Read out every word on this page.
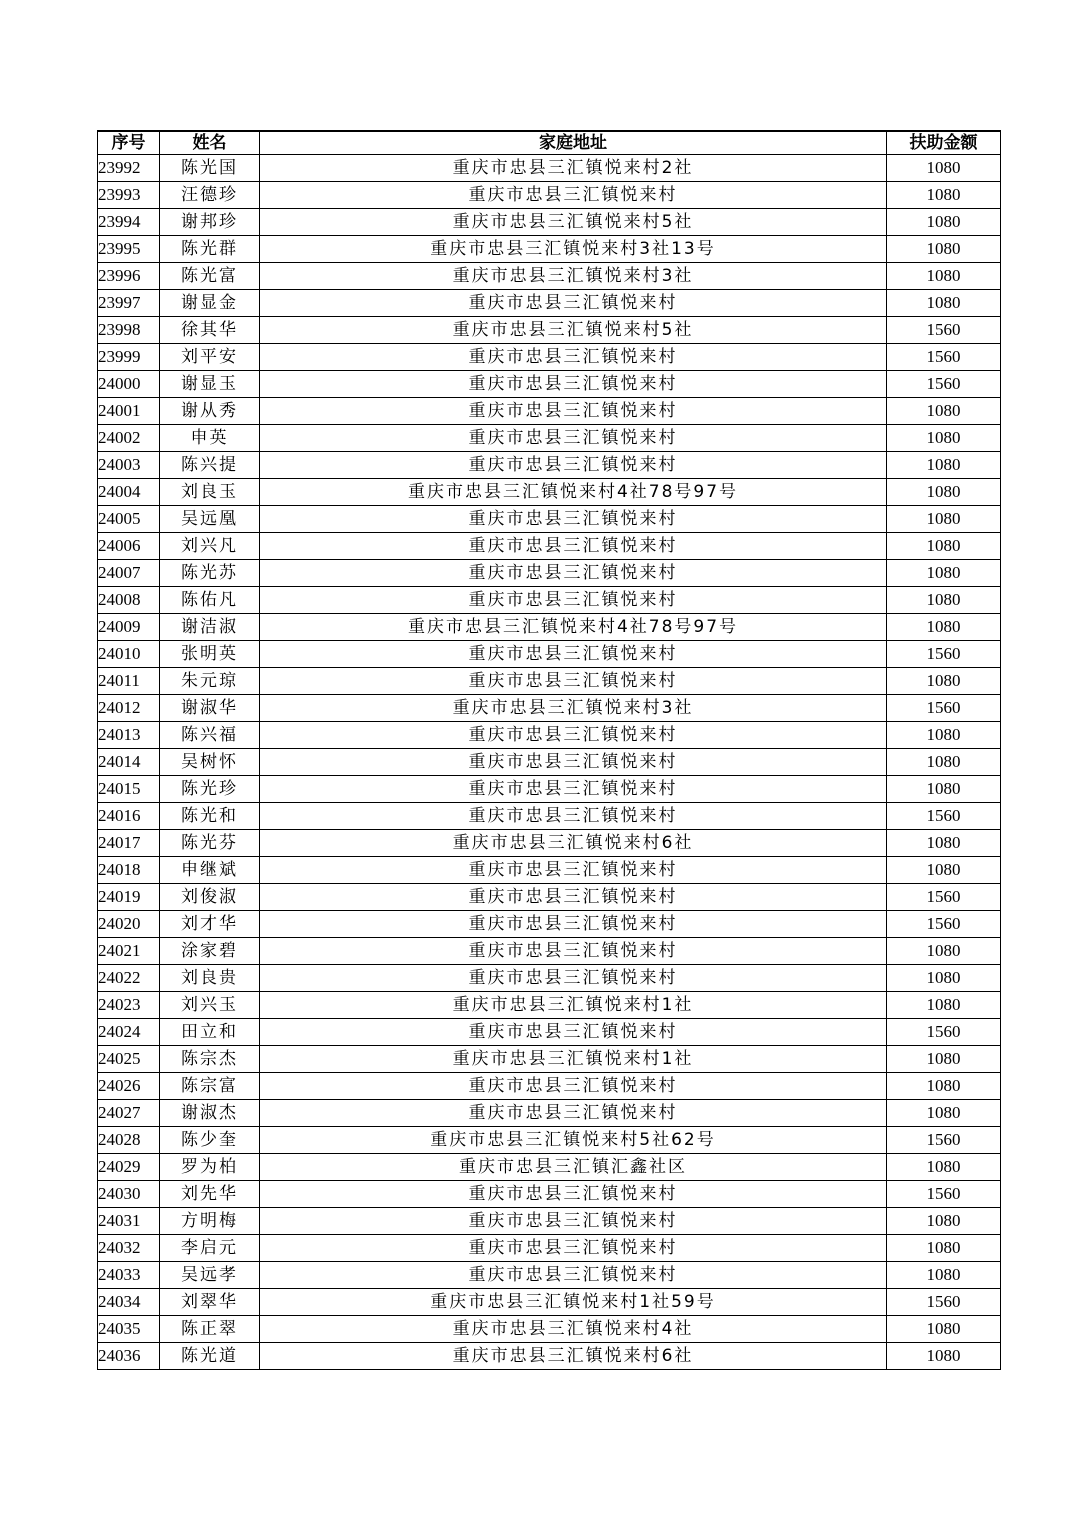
序号	姓名	家庭地址	扶助金额
23992	陈光国	重庆市忠县三汇镇悦来村2社	1080
23993	汪德珍	重庆市忠县三汇镇悦来村	1080
23994	谢邦珍	重庆市忠县三汇镇悦来村5社	1080
23995	陈光群	重庆市忠县三汇镇悦来村3社13号	1080
23996	陈光富	重庆市忠县三汇镇悦来村3社	1080
23997	谢显金	重庆市忠县三汇镇悦来村	1080
23998	徐其华	重庆市忠县三汇镇悦来村5社	1560
23999	刘平安	重庆市忠县三汇镇悦来村	1560
24000	谢显玉	重庆市忠县三汇镇悦来村	1560
24001	谢从秀	重庆市忠县三汇镇悦来村	1080
24002	申英	重庆市忠县三汇镇悦来村	1080
24003	陈兴提	重庆市忠县三汇镇悦来村	1080
24004	刘良玉	重庆市忠县三汇镇悦来村4社78号97号	1080
24005	吴远凰	重庆市忠县三汇镇悦来村	1080
24006	刘兴凡	重庆市忠县三汇镇悦来村	1080
24007	陈光苏	重庆市忠县三汇镇悦来村	1080
24008	陈佑凡	重庆市忠县三汇镇悦来村	1080
24009	谢洁淑	重庆市忠县三汇镇悦来村4社78号97号	1080
24010	张明英	重庆市忠县三汇镇悦来村	1560
24011	朱元琼	重庆市忠县三汇镇悦来村	1080
24012	谢淑华	重庆市忠县三汇镇悦来村3社	1560
24013	陈兴福	重庆市忠县三汇镇悦来村	1080
24014	吴树怀	重庆市忠县三汇镇悦来村	1080
24015	陈光珍	重庆市忠县三汇镇悦来村	1080
24016	陈光和	重庆市忠县三汇镇悦来村	1560
24017	陈光芬	重庆市忠县三汇镇悦来村6社	1080
24018	申继斌	重庆市忠县三汇镇悦来村	1080
24019	刘俊淑	重庆市忠县三汇镇悦来村	1560
24020	刘才华	重庆市忠县三汇镇悦来村	1560
24021	涂家碧	重庆市忠县三汇镇悦来村	1080
24022	刘良贵	重庆市忠县三汇镇悦来村	1080
24023	刘兴玉	重庆市忠县三汇镇悦来村1社	1080
24024	田立和	重庆市忠县三汇镇悦来村	1560
24025	陈宗杰	重庆市忠县三汇镇悦来村1社	1080
24026	陈宗富	重庆市忠县三汇镇悦来村	1080
24027	谢淑杰	重庆市忠县三汇镇悦来村	1080
24028	陈少奎	重庆市忠县三汇镇悦来村5社62号	1560
24029	罗为柏	重庆市忠县三汇镇汇鑫社区	1080
24030	刘先华	重庆市忠县三汇镇悦来村	1560
24031	方明梅	重庆市忠县三汇镇悦来村	1080
24032	李启元	重庆市忠县三汇镇悦来村	1080
24033	吴远孝	重庆市忠县三汇镇悦来村	1080
24034	刘翠华	重庆市忠县三汇镇悦来村1社59号	1560
24035	陈正翠	重庆市忠县三汇镇悦来村4社	1080
24036	陈光道	重庆市忠县三汇镇悦来村6社	1080
